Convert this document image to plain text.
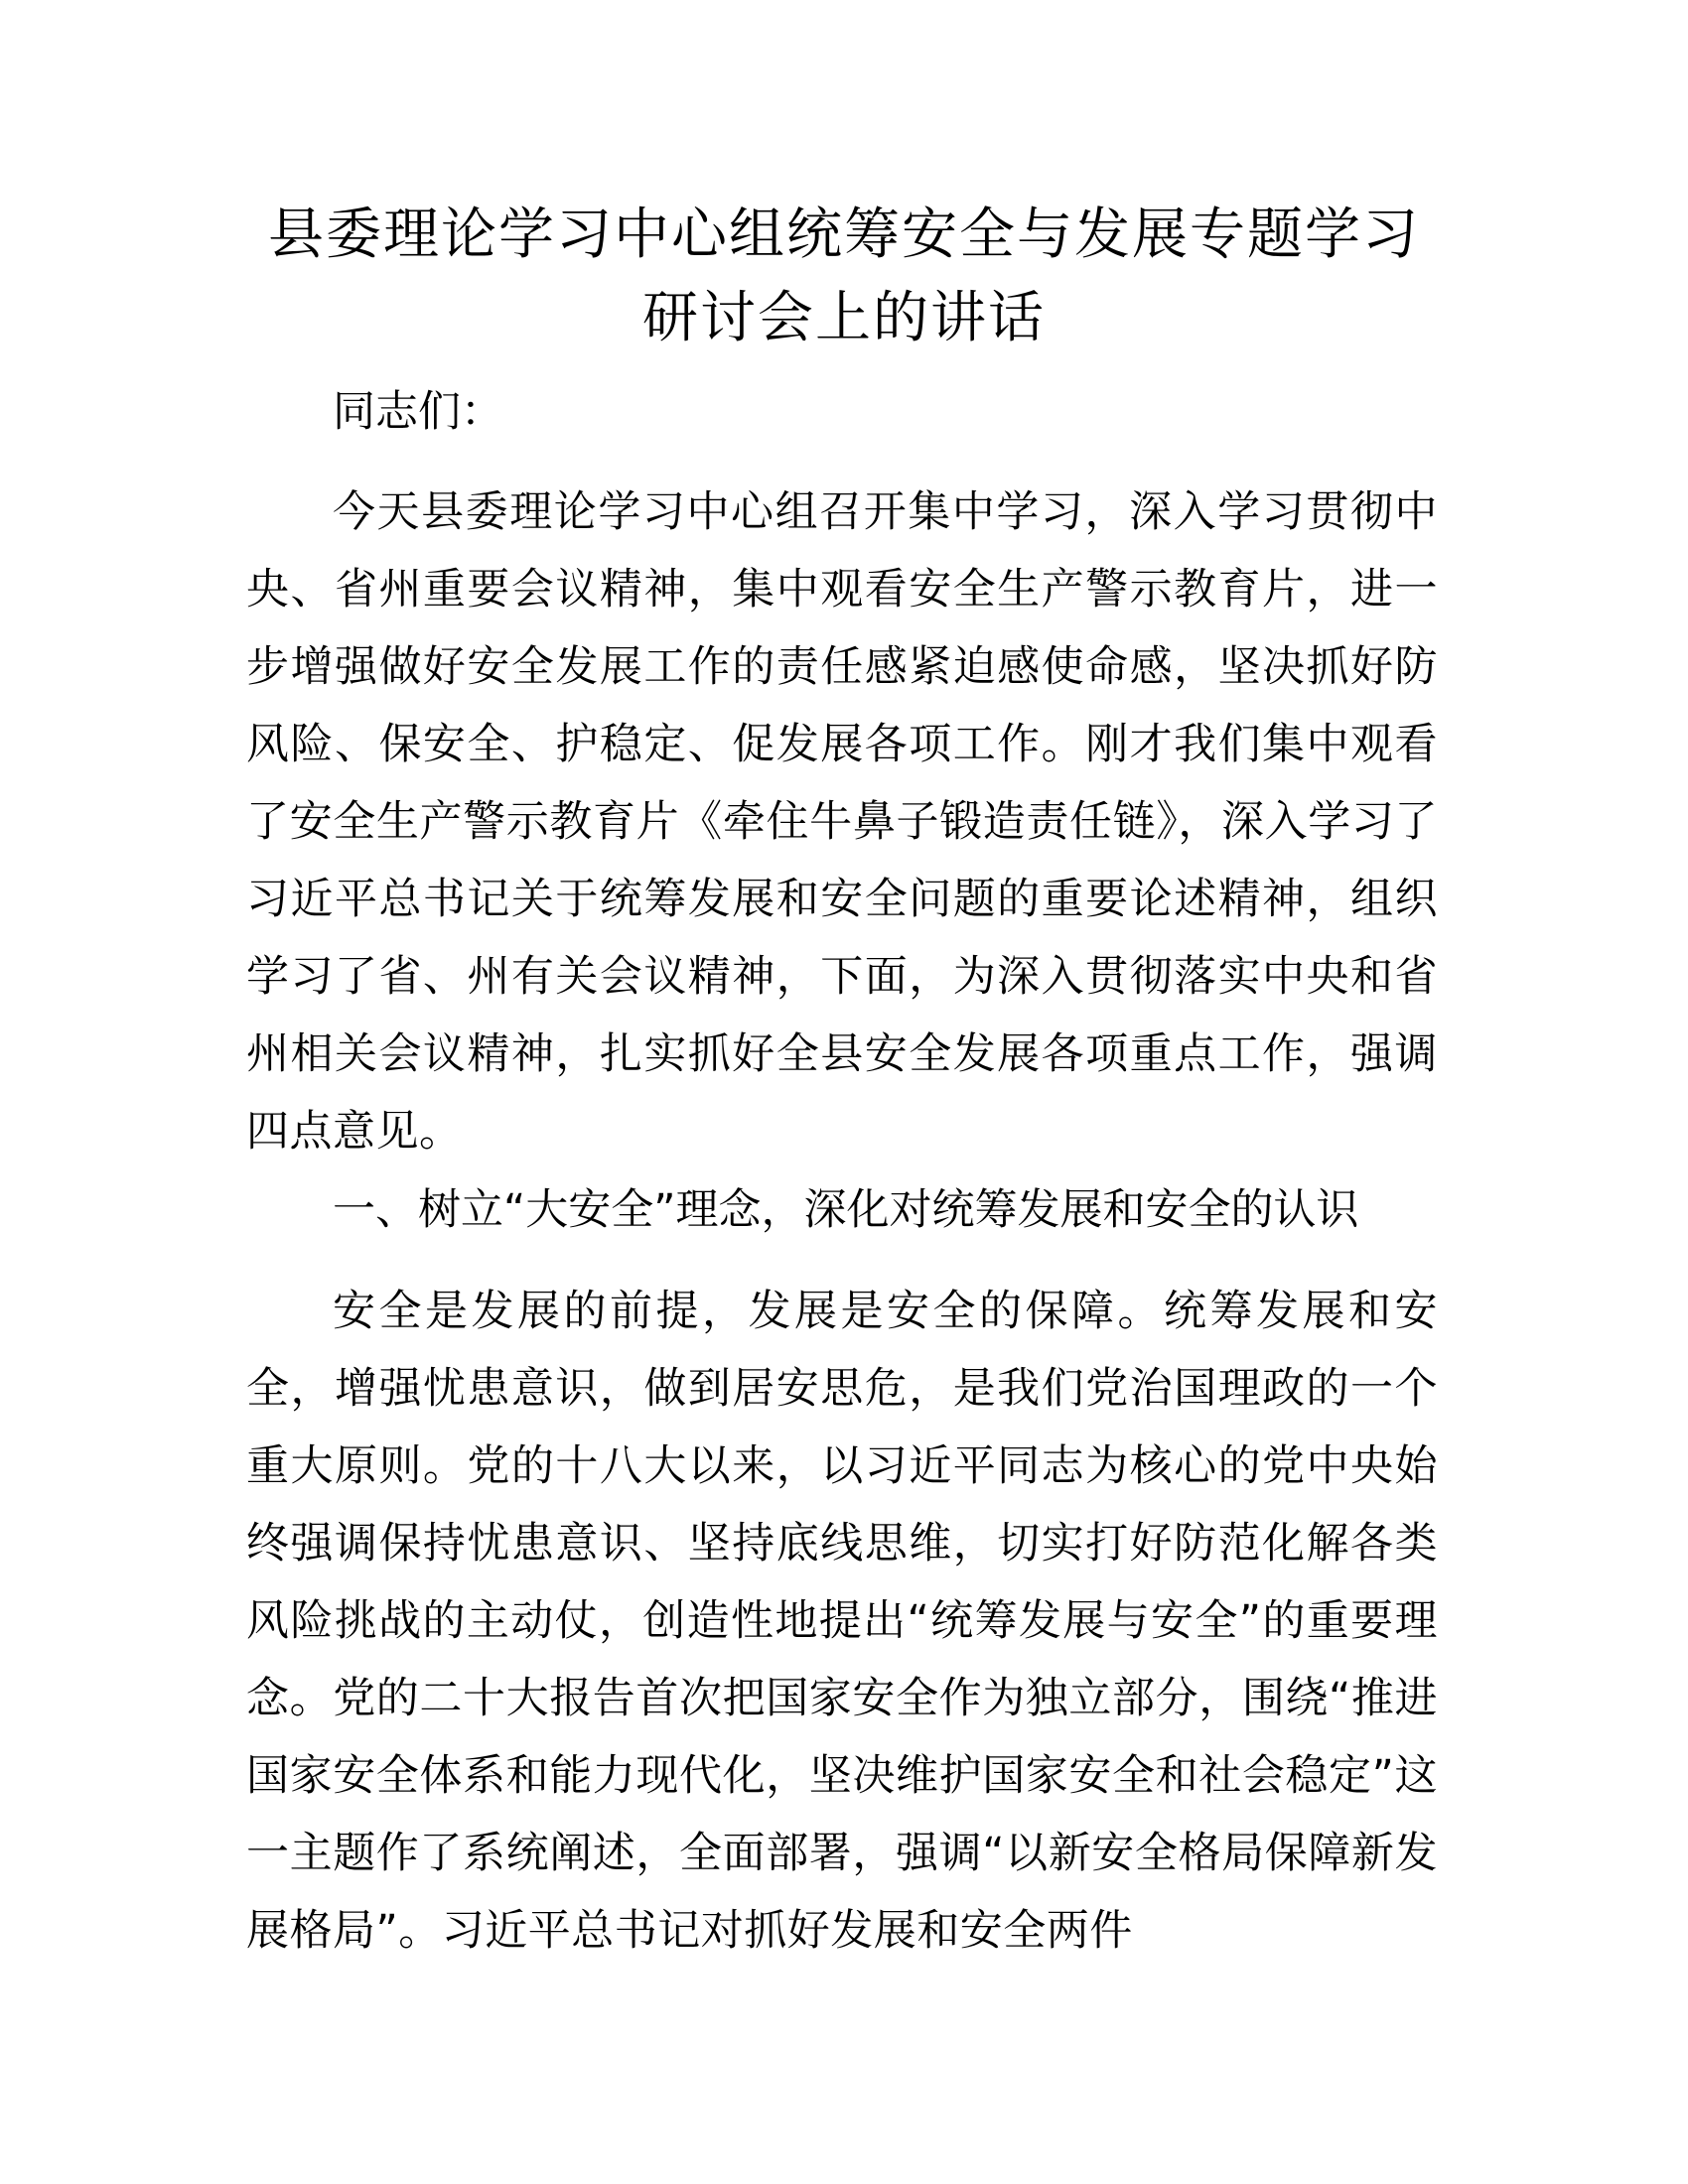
县委理论学习中心组统筹安全与发展专题学习
研讨会上的讲话

同志们：

今天县委理论学习中心组召开集中学习，深入学习贯彻中央、省州重要会议精神，集中观看安全生产警示教育片，进一步增强做好安全发展工作的责任感紧迫感使命感，坚决抓好防风险、保安全、护稳定、促发展各项工作。刚才我们集中观看了安全生产警示教育片《牵住牛鼻子锻造责任链》，深入学习了习近平总书记关于统筹发展和安全问题的重要论述精神，组织学习了省、州有关会议精神，下面，为深入贯彻落实中央和省州相关会议精神，扎实抓好全县安全发展各项重点工作，强调四点意见。

一、树立“大安全”理念，深化对统筹发展和安全的认识

安全是发展的前提，发展是安全的保障。统筹发展和安全，增强忧患意识，做到居安思危，是我们党治国理政的一个重大原则。党的十八大以来，以习近平同志为核心的党中央始终强调保持忧患意识、坚持底线思维，切实打好防范化解各类风险挑战的主动仗，创造性地提出“统筹发展与安全”的重要理念。党的二十大报告首次把国家安全作为独立部分，围绕“推进国家安全体系和能力现代化，坚决维护国家安全和社会稳定”这一主题作了系统阐述，全面部署，强调“以新安全格局保障新发展格局”。习近平总书记对抓好发展和安全两件
